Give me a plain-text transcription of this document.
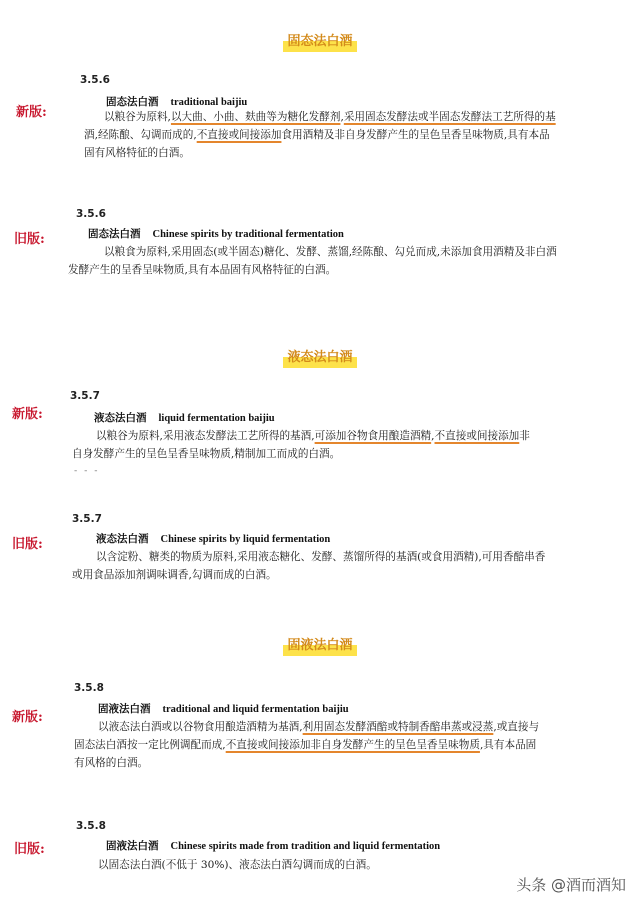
固态法白酒
3.5.6
新版:
固态法白酒 traditional baijiu
以粮谷为原料,以大曲、小曲、麸曲等为糖化发酵剂,采用固态发酵法或半固态发酵法工艺所得的基
酒,经陈酿、勾调而成的,不直接或间接添加食用酒精及非自身发酵产生的呈色呈香呈味物质,具有本品
固有风格特征的白酒。
3.5.6
旧版:	固态法白酒 Chinese spirits by traditional fermentation
以粮食为原料,采用固态(或半固态)糖化、发酵、蒸馏,经陈酿、勾兑而成,未添加食用酒精及非白酒
发酵产生的呈香呈味物质,具有本品固有风格特征的白酒。
液态法白酒
3.5.7
新版:	液态法白酒 liquid fermentation baijiu
以粮谷为原料,采用液态发酵法工艺所得的基酒,可添加谷物食用酿造酒精,不直接或间接添加非
自身发酵产生的呈色呈香呈味物质,精制加工而成的白酒。
- - -
3.5.7
旧版:	液态法白酒 Chinese spirits by liquid fermentation
以含淀粉、糖类的物质为原料,采用液态糖化、发酵、蒸馏所得的基酒(或食用酒精),可用香醅串香
或用食品添加剂调味调香,勾调而成的白酒。
固液法白酒
3.5.8
新版:
固液法白酒 traditional and liquid fermentation baijiu
以液态法白酒或以谷物食用酿造酒精为基酒,利用固态发酵酒醅或特制香醅串蒸或浸蒸,或直接与
固态法白酒按一定比例调配而成,不直接或间接添加非自身发酵产生的呈色呈香呈味物质,具有本品固
有风格的白酒。
3.5.8
旧版:	固液法白酒 Chinese spirits made from tradition and liquid fermentation
以固态法白酒(不低于 30%)、液态法白酒勾调而成的白酒。
头条 @酒而酒知
